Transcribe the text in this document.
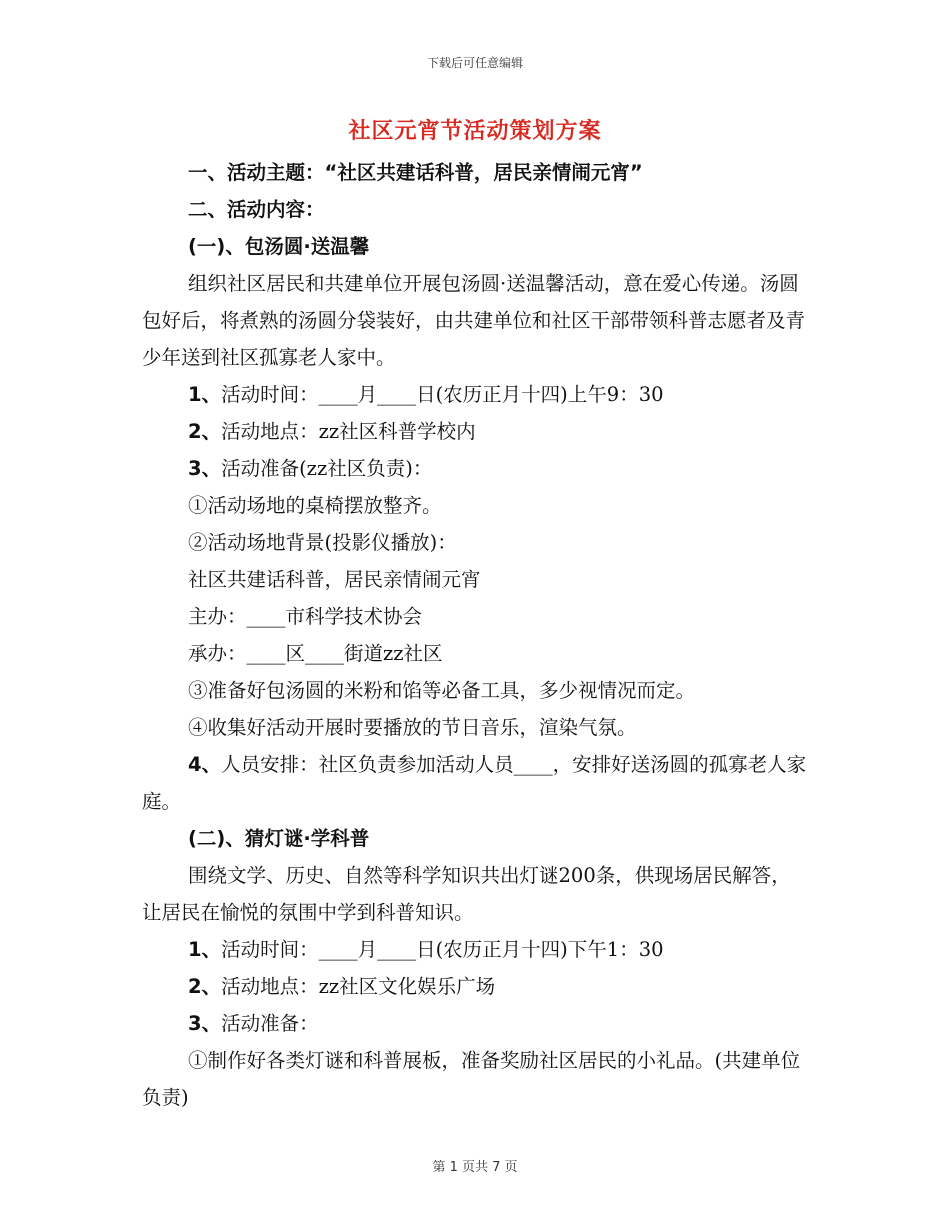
下载后可任意编辑
社区元宵节活动策划方案
一、活动主题：“社区共建话科普，居民亲情闹元宵”
二、活动内容：
(一)、包汤圆·送温馨
组织社区居民和共建单位开展包汤圆·送温馨活动，意在爱心传递。汤圆包好后，将煮熟的汤圆分袋装好，由共建单位和社区干部带领科普志愿者及青少年送到社区孤寡老人家中。
1、活动时间：____月____日(农历正月十四)上午9：30
2、活动地点：zz社区科普学校内
3、活动准备(zz社区负责)：
①活动场地的桌椅摆放整齐。
②活动场地背景(投影仪播放)：
社区共建话科普，居民亲情闹元宵
主办：____市科学技术协会
承办：____区____街道zz社区
③准备好包汤圆的米粉和馅等必备工具，多少视情况而定。
④收集好活动开展时要播放的节日音乐，渲染气氛。
4、人员安排：社区负责参加活动人员____，安排好送汤圆的孤寡老人家庭。
(二)、猜灯谜·学科普
围绕文学、历史、自然等科学知识共出灯谜200条，供现场居民解答，让居民在愉悦的氛围中学到科普知识。
1、活动时间：____月____日(农历正月十四)下午1：30
2、活动地点：zz社区文化娱乐广场
3、活动准备：
①制作好各类灯谜和科普展板，准备奖励社区居民的小礼品。(共建单位负责)
第 1 页共 7 页
